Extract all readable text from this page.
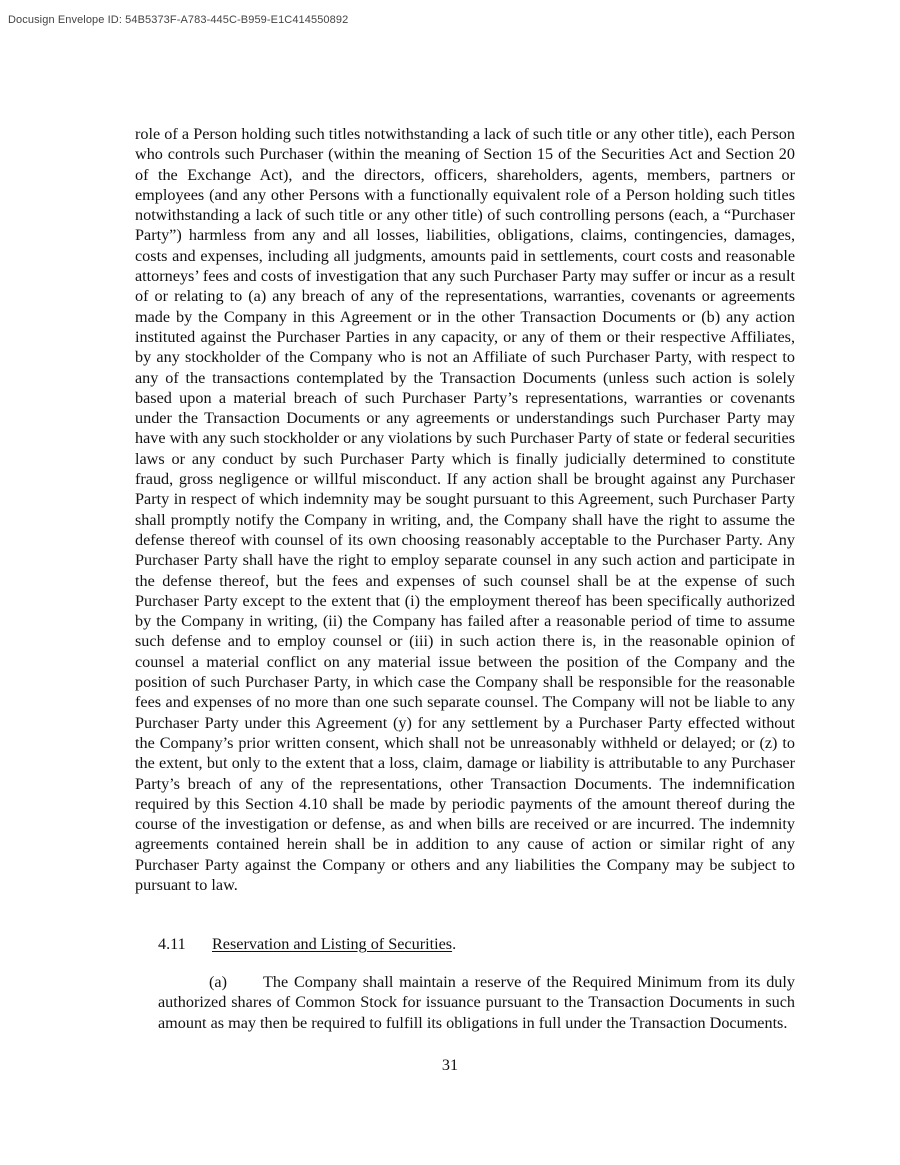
Docusign Envelope ID: 54B5373F-A783-445C-B959-E1C414550892

role of a Person holding such titles notwithstanding a lack of such title or any other title), each Person who controls such Purchaser (within the meaning of Section 15 of the Securities Act and Section 20 of the Exchange Act), and the directors, officers, shareholders, agents, members, partners or employees (and any other Persons with a functionally equivalent role of a Person holding such titles notwithstanding a lack of such title or any other title) of such controlling persons (each, a “Purchaser Party”) harmless from any and all losses, liabilities, obligations, claims, contingencies, damages, costs and expenses, including all judgments, amounts paid in settlements, court costs and reasonable attorneys’ fees and costs of investigation that any such Purchaser Party may suffer or incur as a result of or relating to (a) any breach of any of the representations, warranties, covenants or agreements made by the Company in this Agreement or in the other Transaction Documents or (b) any action instituted against the Purchaser Parties in any capacity, or any of them or their respective Affiliates, by any stockholder of the Company who is not an Affiliate of such Purchaser Party, with respect to any of the transactions contemplated by the Transaction Documents (unless such action is solely based upon a material breach of such Purchaser Party’s representations, warranties or covenants under the Transaction Documents or any agreements or understandings such Purchaser Party may have with any such stockholder or any violations by such Purchaser Party of state or federal securities laws or any conduct by such Purchaser Party which is finally judicially determined to constitute fraud, gross negligence or willful misconduct. If any action shall be brought against any Purchaser Party in respect of which indemnity may be sought pursuant to this Agreement, such Purchaser Party shall promptly notify the Company in writing, and, the Company shall have the right to assume the defense thereof with counsel of its own choosing reasonably acceptable to the Purchaser Party. Any Purchaser Party shall have the right to employ separate counsel in any such action and participate in the defense thereof, but the fees and expenses of such counsel shall be at the expense of such Purchaser Party except to the extent that (i) the employment thereof has been specifically authorized by the Company in writing, (ii) the Company has failed after a reasonable period of time to assume such defense and to employ counsel or (iii) in such action there is, in the reasonable opinion of counsel a material conflict on any material issue between the position of the Company and the position of such Purchaser Party, in which case the Company shall be responsible for the reasonable fees and expenses of no more than one such separate counsel. The Company will not be liable to any Purchaser Party under this Agreement (y) for any settlement by a Purchaser Party effected without the Company’s prior written consent, which shall not be unreasonably withheld or delayed; or (z) to the extent, but only to the extent that a loss, claim, damage or liability is attributable to any Purchaser Party’s breach of any of the representations, other Transaction Documents. The indemnification required by this Section 4.10 shall be made by periodic payments of the amount thereof during the course of the investigation or defense, as and when bills are received or are incurred. The indemnity agreements contained herein shall be in addition to any cause of action or similar right of any Purchaser Party against the Company or others and any liabilities the Company may be subject to pursuant to law.

4.11 Reservation and Listing of Securities.

(a) The Company shall maintain a reserve of the Required Minimum from its duly authorized shares of Common Stock for issuance pursuant to the Transaction Documents in such amount as may then be required to fulfill its obligations in full under the Transaction Documents.

31
